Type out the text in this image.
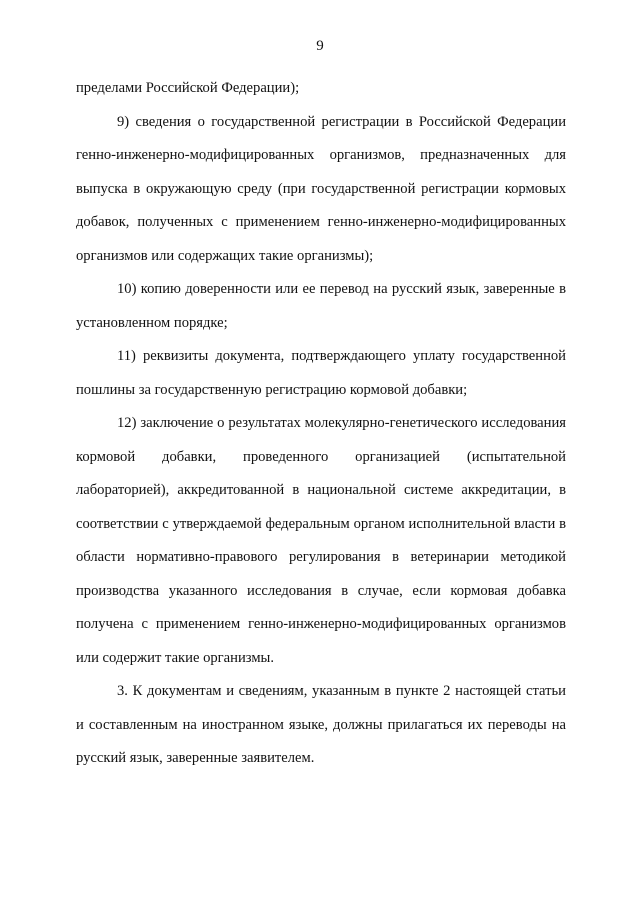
9

пределами Российской Федерации);

9) сведения о государственной регистрации в Российской Федерации генно-инженерно-модифицированных организмов, предназначенных для выпуска в окружающую среду (при государственной регистрации кормовых добавок, полученных с применением генно-инженерно-модифицированных организмов или содержащих такие организмы);

10) копию доверенности или ее перевод на русский язык, заверенные в установленном порядке;

11) реквизиты документа, подтверждающего уплату государственной пошлины за государственную регистрацию кормовой добавки;

12) заключение о результатах молекулярно-генетического исследования кормовой добавки, проведенного организацией (испытательной лабораторией), аккредитованной в национальной системе аккредитации, в соответствии с утверждаемой федеральным органом исполнительной власти в области нормативно-правового регулирования в ветеринарии методикой производства указанного исследования в случае, если кормовая добавка получена с применением генно-инженерно-модифицированных организмов или содержит такие организмы.

3. К документам и сведениям, указанным в пункте 2 настоящей статьи и составленным на иностранном языке, должны прилагаться их переводы на русский язык, заверенные заявителем.
